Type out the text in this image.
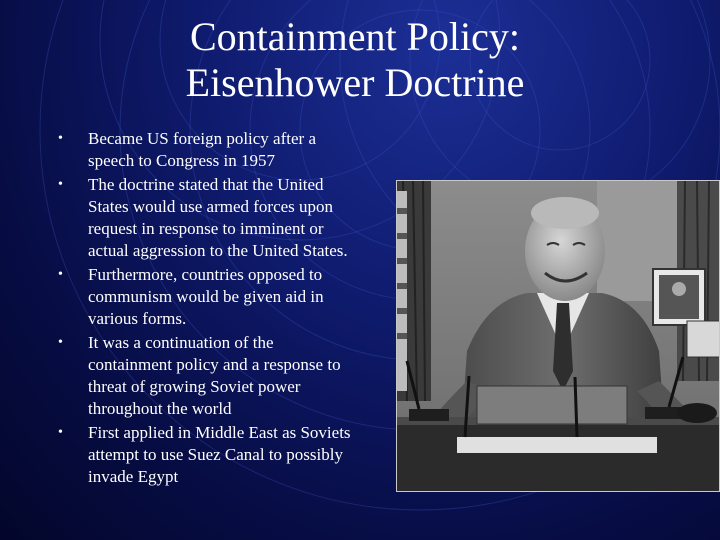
Containment Policy:
Eisenhower Doctrine
• Became US foreign policy after a speech to Congress in 1957
• The doctrine stated that the United States would use armed forces upon request in response to imminent or actual aggression to the United States.
• Furthermore, countries opposed to communism would be given aid in various forms.
• It was a continuation of the containment policy and a response to threat of growing Soviet power throughout the world
• First applied in Middle East as Soviets attempt to use Suez Canal to possibly invade Egypt
